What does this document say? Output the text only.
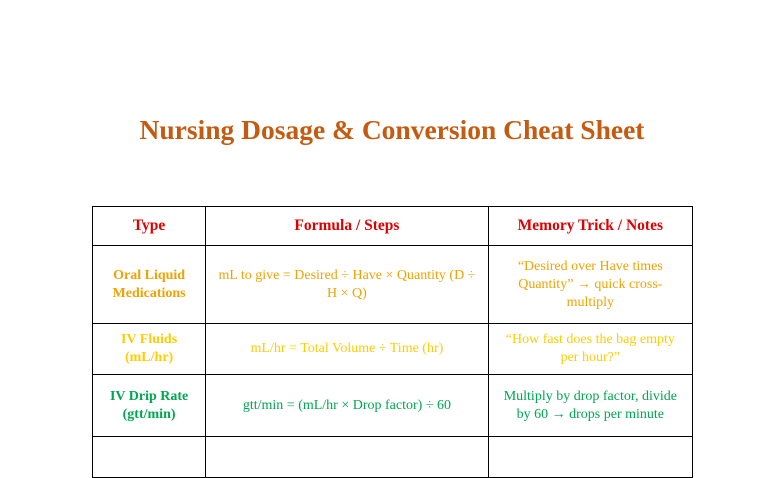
Nursing Dosage & Conversion Cheat Sheet
Type	Formula / Steps	Memory Trick / Notes
Oral Liquid Medications	mL to give = Desired ÷ Have × Quantity (D ÷ H × Q)	“Desired over Have times Quantity” → quick cross-multiply
IV Fluids (mL/hr)	mL/hr = Total Volume ÷ Time (hr)	“How fast does the bag empty per hour?”
IV Drip Rate (gtt/min)	gtt/min = (mL/hr × Drop factor) ÷ 60	Multiply by drop factor, divide by 60 → drops per minute
